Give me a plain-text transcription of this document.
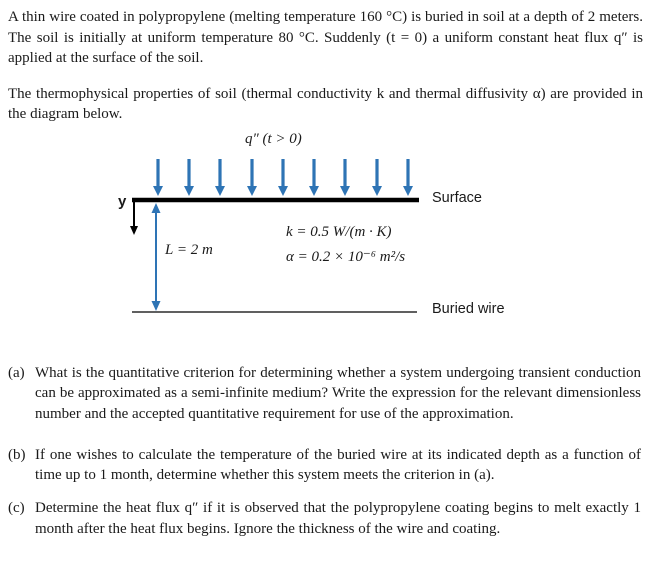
A thin wire coated in polypropylene (melting temperature 160 °C) is buried in soil at a depth of 2 meters. The soil is initially at uniform temperature 80 °C. Suddenly (t = 0) a uniform constant heat flux q″ is applied at the surface of the soil.

The thermophysical properties of soil (thermal conductivity k and thermal diffusivity α) are provided in the diagram below.

q″ (t > 0)
Surface
y
L = 2 m
k = 0.5 W/(m · K)
α = 0.2 × 10⁻⁶ m²/s
Buried wire
(a) What is the quantitative criterion for determining whether a system undergoing transient conduction can be approximated as a semi-infinite medium? Write the expression for the relevant dimensionless number and the accepted quantitative requirement for use of the approximation.
(b) If one wishes to calculate the temperature of the buried wire at its indicated depth as a function of time up to 1 month, determine whether this system meets the criterion in (a).
(c) Determine the heat flux q″ if it is observed that the polypropylene coating begins to melt exactly 1 month after the heat flux begins. Ignore the thickness of the wire and coating.
